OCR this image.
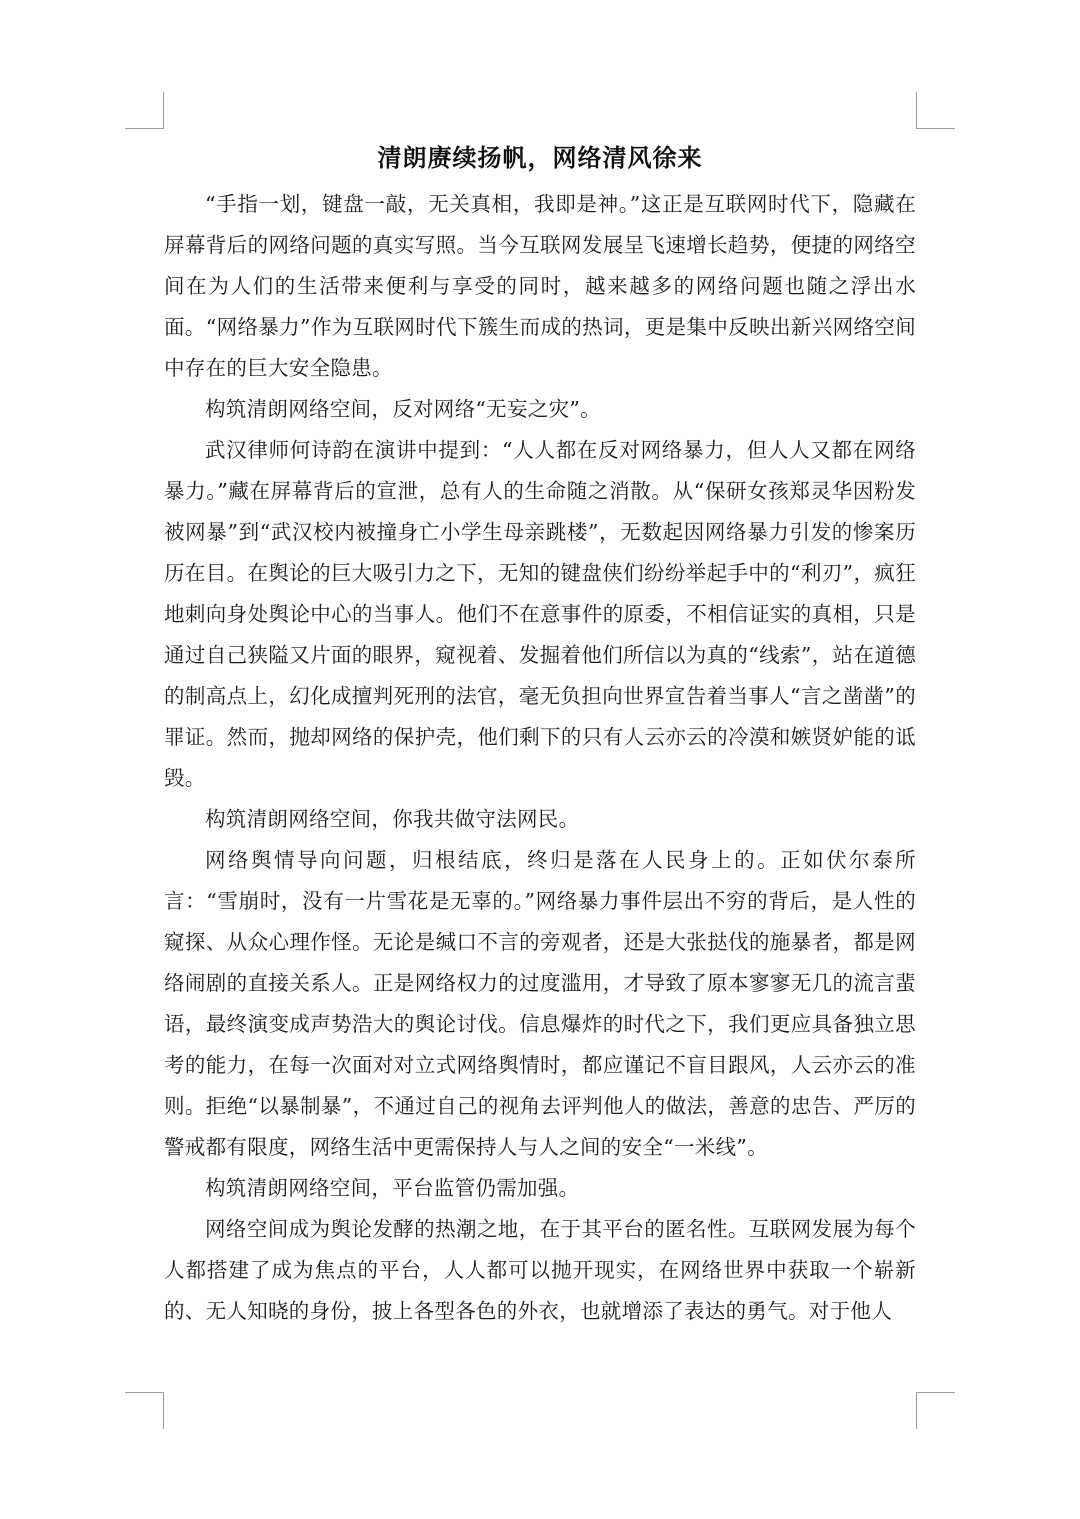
清朗赓续扬帆，网络清风徐来

“手指一划，键盘一敲，无关真相，我即是神。”这正是互联网时代下，隐藏在屏幕背后的网络问题的真实写照。当今互联网发展呈飞速增长趋势，便捷的网络空间在为人们的生活带来便利与享受的同时，越来越多的网络问题也随之浮出水面。“网络暴力”作为互联网时代下簇生而成的热词，更是集中反映出新兴网络空间中存在的巨大安全隐患。

构筑清朗网络空间，反对网络“无妄之灾”。

武汉律师何诗韵在演讲中提到：“人人都在反对网络暴力，但人人又都在网络暴力。”藏在屏幕背后的宣泄，总有人的生命随之消散。从“保研女孩郑灵华因粉发被网暴”到“武汉校内被撞身亡小学生母亲跳楼”，无数起因网络暴力引发的惨案历历在目。在舆论的巨大吸引力之下，无知的键盘侠们纷纷举起手中的“利刃”，疯狂地刺向身处舆论中心的当事人。他们不在意事件的原委，不相信证实的真相，只是通过自己狭隘又片面的眼界，窥视着、发掘着他们所信以为真的“线索”，站在道德的制高点上，幻化成擅判死刑的法官，毫无负担向世界宣告着当事人“言之凿凿”的罪证。然而，抛却网络的保护壳，他们剩下的只有人云亦云的冷漠和嫉贤妒能的诋毁。

构筑清朗网络空间，你我共做守法网民。

网络舆情导向问题，归根结底，终归是落在人民身上的。正如伏尔泰所言：“雪崩时，没有一片雪花是无辜的。”网络暴力事件层出不穷的背后，是人性的窥探、从众心理作怪。无论是缄口不言的旁观者，还是大张挞伐的施暴者，都是网络闹剧的直接关系人。正是网络权力的过度滥用，才导致了原本寥寥无几的流言蜚语，最终演变成声势浩大的舆论讨伐。信息爆炸的时代之下，我们更应具备独立思考的能力，在每一次面对对立式网络舆情时，都应谨记不盲目跟风，人云亦云的准则。拒绝“以暴制暴”，不通过自己的视角去评判他人的做法，善意的忠告、严厉的警戒都有限度，网络生活中更需保持人与人之间的安全“一米线”。

构筑清朗网络空间，平台监管仍需加强。

网络空间成为舆论发酵的热潮之地，在于其平台的匿名性。互联网发展为每个人都搭建了成为焦点的平台，人人都可以抛开现实，在网络世界中获取一个崭新的、无人知晓的身份，披上各型各色的外衣，也就增添了表达的勇气。对于他人
